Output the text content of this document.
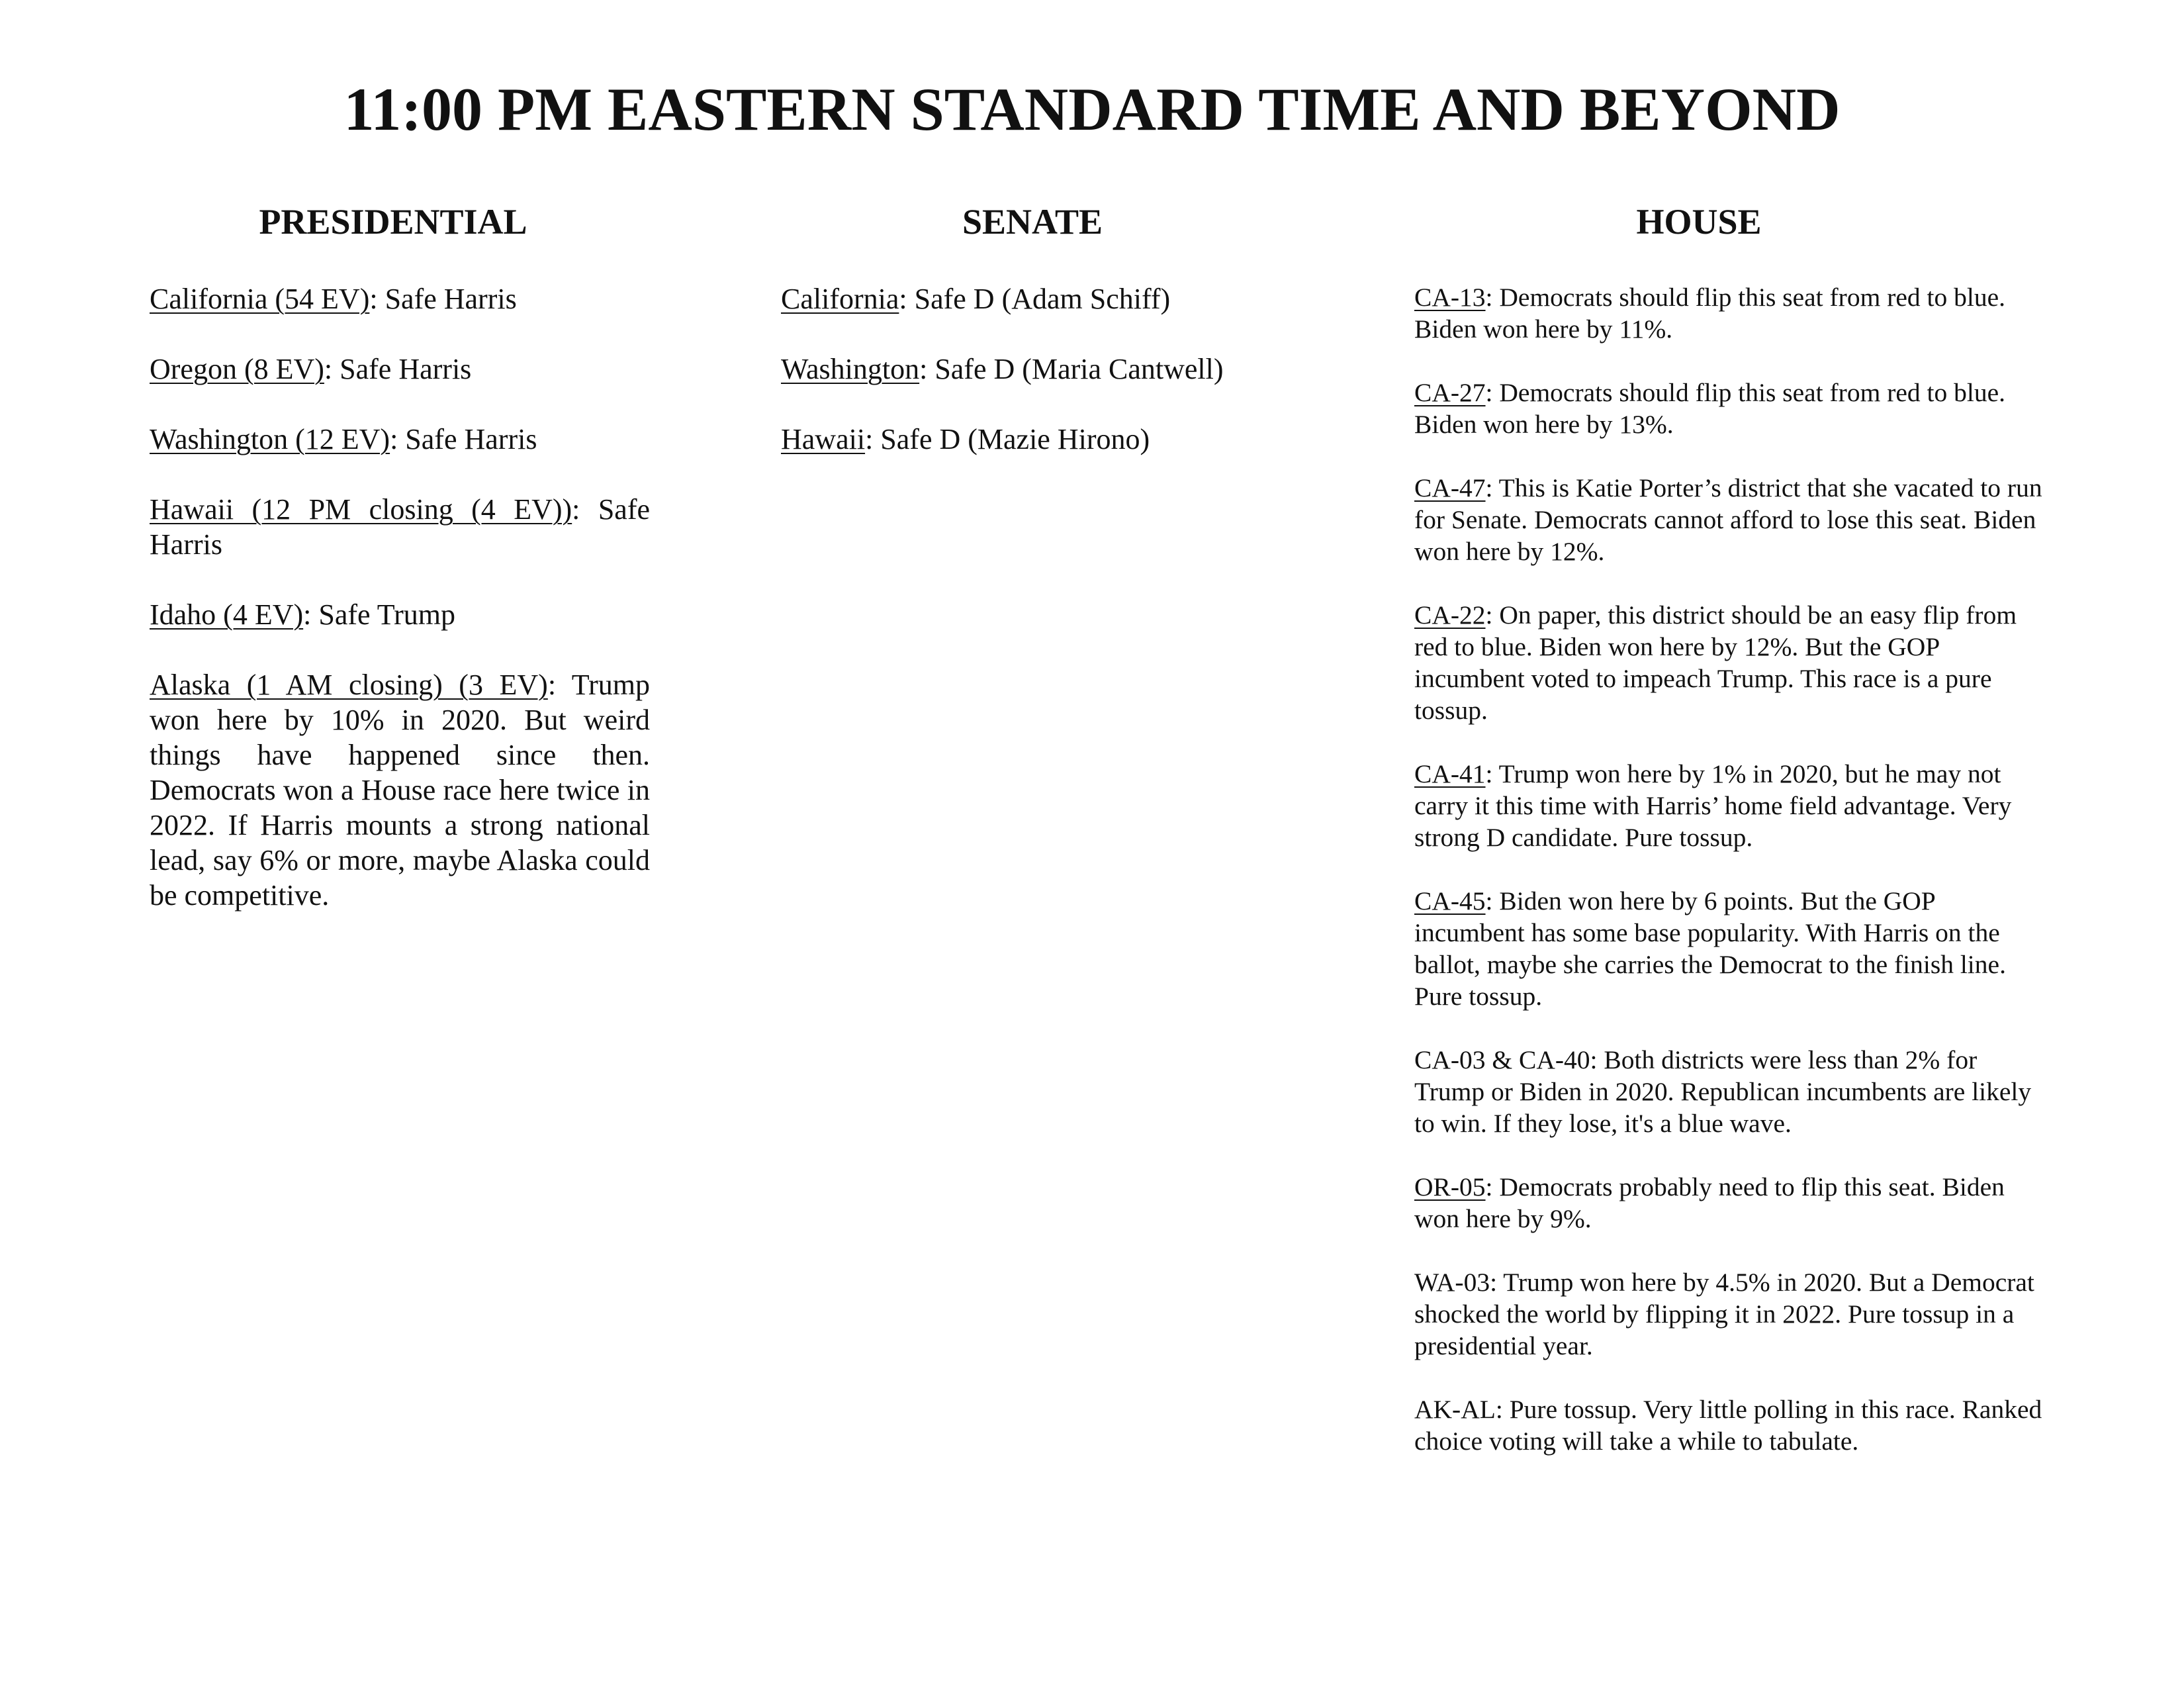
11:00 PM EASTERN STANDARD TIME AND BEYOND
PRESIDENTIAL

California (54 EV): Safe Harris

Oregon (8 EV): Safe Harris

Washington (12 EV): Safe Harris

Hawaii (12 PM closing (4 EV)): Safe Harris

Idaho (4 EV): Safe Trump

Alaska (1 AM closing) (3 EV): Trump won here by 10% in 2020. But weird things have happened since then. Democrats won a House race here twice in 2022. If Harris mounts a strong national lead, say 6% or more, maybe Alaska could be competitive.

SENATE

California: Safe D (Adam Schiff)

Washington: Safe D (Maria Cantwell)

Hawaii: Safe D (Mazie Hirono)

HOUSE

CA-13: Democrats should flip this seat from red to blue. Biden won here by 11%.

CA-27: Democrats should flip this seat from red to blue. Biden won here by 13%.

CA-47: This is Katie Porter’s district that she vacated to run for Senate. Democrats cannot afford to lose this seat. Biden won here by 12%.

CA-22: On paper, this district should be an easy flip from red to blue. Biden won here by 12%. But the GOP incumbent voted to impeach Trump. This race is a pure tossup.

CA-41: Trump won here by 1% in 2020, but he may not carry it this time with Harris’ home field advantage. Very strong D candidate. Pure tossup.

CA-45: Biden won here by 6 points. But the GOP incumbent has some base popularity. With Harris on the ballot, maybe she carries the Democrat to the finish line. Pure tossup.

CA-03 & CA-40: Both districts were less than 2% for Trump or Biden in 2020. Republican incumbents are likely to win. If they lose, it's a blue wave.

OR-05: Democrats probably need to flip this seat. Biden won here by 9%.

WA-03: Trump won here by 4.5% in 2020. But a Democrat shocked the world by flipping it in 2022. Pure tossup in a presidential year.

AK-AL: Pure tossup. Very little polling in this race. Ranked choice voting will take a while to tabulate.
